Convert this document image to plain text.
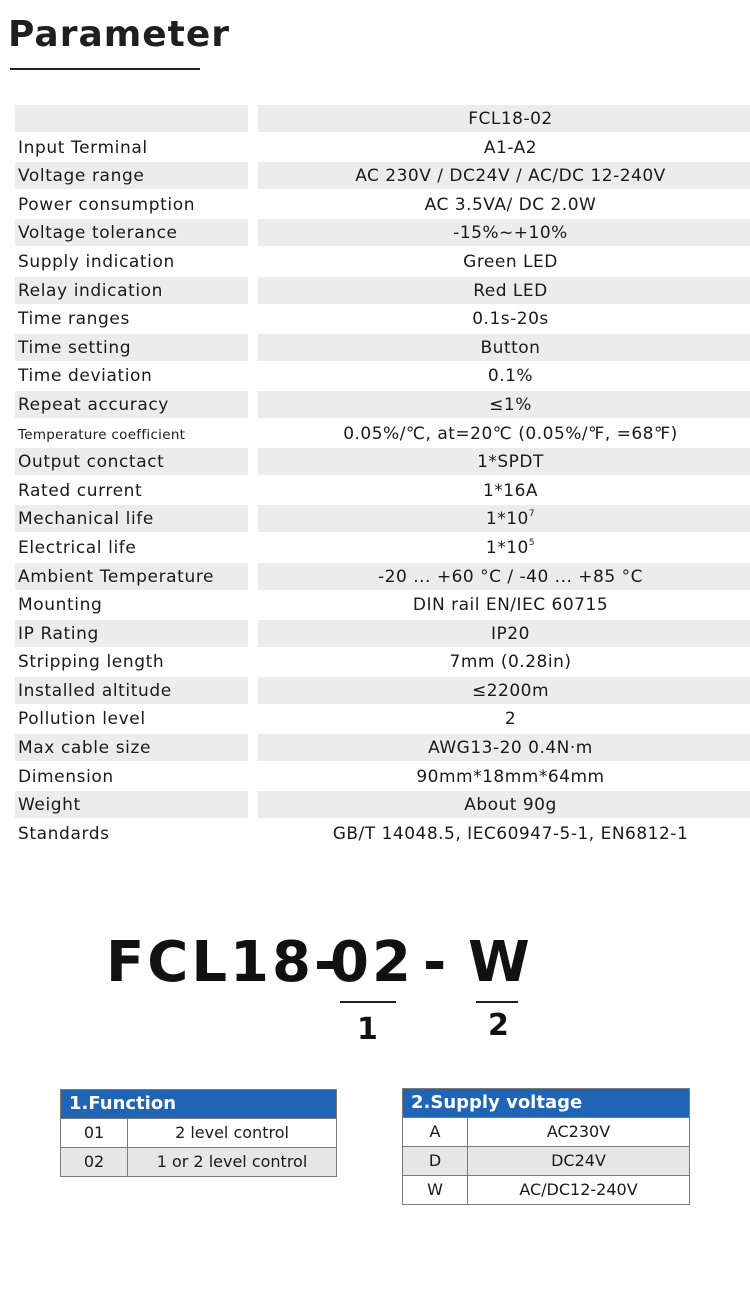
Parameter
FCL18-02
Input Terminal	A1-A2
Voltage range	AC 230V / DC24V / AC/DC 12-240V
Power consumption	AC 3.5VA/ DC 2.0W
Voltage tolerance	-15%~+10%
Supply indication	Green LED
Relay indication	Red LED
Time ranges	0.1s-20s
Time setting	Button
Time deviation	0.1%
Repeat accuracy	≤1%
Temperature coefficient	0.05%/℃, at=20℃ (0.05%/℉, =68℉)
Output conctact	1*SPDT
Rated current	1*16A
Mechanical life	$1*10^7$
Electrical life	$1*10^5$
Ambient Temperature	-20 ... +60 °C / -40 ... +85 °C
Mounting	DIN rail EN/IEC 60715
IP Rating	IP20
Stripping length	7mm (0.28in)
Installed altitude	≤2200m
Pollution level	2
Max cable size	AWG13-20 0.4N·m
Dimension	90mm*18mm*64mm
Weight	About 90g
Standards	GB/T 14048.5, IEC60947-5-1, EN6812-1
FCL18-
02 - W
1	2
1.Function
01	2 level control
02	1 or 2 level control
2.Supply voltage
A	AC230V
D	DC24V
W	AC/DC12-240V
